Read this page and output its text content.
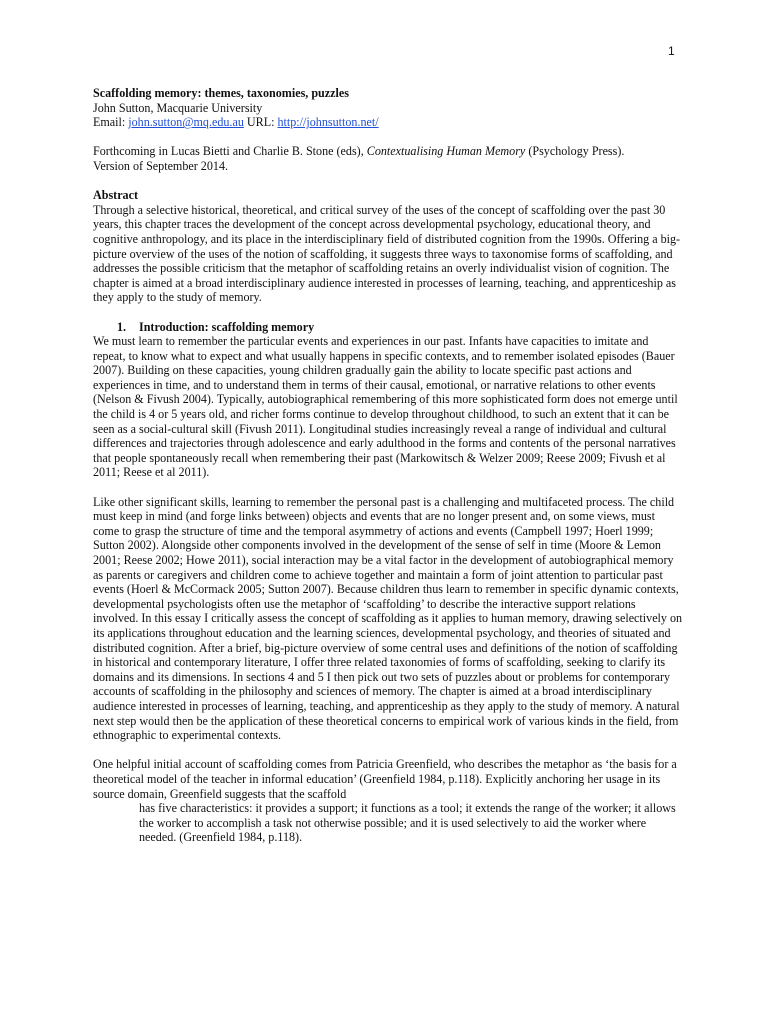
1

Scaffolding memory: themes, taxonomies, puzzles

John Sutton, Macquarie University

Email: john.sutton@mq.edu.au URL: http://johnsutton.net/

Forthcoming in Lucas Bietti and Charlie B. Stone (eds), Contextualising Human Memory (Psychology Press).

Version of September 2014.

Abstract

Through a selective historical, theoretical, and critical survey of the uses of the concept of scaffolding over the past 30 years, this chapter traces the development of the concept across developmental psychology, educational theory, and cognitive anthropology, and its place in the interdisciplinary field of distributed cognition from the 1990s. Offering a big-picture overview of the uses of the notion of scaffolding, it suggests three ways to taxonomise forms of scaffolding, and addresses the possible criticism that the metaphor of scaffolding retains an overly individualist vision of cognition. The chapter is aimed at a broad interdisciplinary audience interested in processes of learning, teaching, and apprenticeship as they apply to the study of memory.

1. Introduction: scaffolding memory

We must learn to remember the particular events and experiences in our past. Infants have capacities to imitate and repeat, to know what to expect and what usually happens in specific contexts, and to remember isolated episodes (Bauer 2007). Building on these capacities, young children gradually gain the ability to locate specific past actions and experiences in time, and to understand them in terms of their causal, emotional, or narrative relations to other events (Nelson & Fivush 2004). Typically, autobiographical remembering of this more sophisticated form does not emerge until the child is 4 or 5 years old, and richer forms continue to develop throughout childhood, to such an extent that it can be seen as a social-cultural skill (Fivush 2011). Longitudinal studies increasingly reveal a range of individual and cultural differences and trajectories through adolescence and early adulthood in the forms and contents of the personal narratives that people spontaneously recall when remembering their past (Markowitsch & Welzer 2009; Reese 2009; Fivush et al 2011; Reese et al 2011).

Like other significant skills, learning to remember the personal past is a challenging and multifaceted process. The child must keep in mind (and forge links between) objects and events that are no longer present and, on some views, must come to grasp the structure of time and the temporal asymmetry of actions and events (Campbell 1997; Hoerl 1999; Sutton 2002). Alongside other components involved in the development of the sense of self in time (Moore & Lemon 2001; Reese 2002; Howe 2011), social interaction may be a vital factor in the development of autobiographical memory as parents or caregivers and children come to achieve together and maintain a form of joint attention to particular past events (Hoerl & McCormack 2005; Sutton 2007). Because children thus learn to remember in specific dynamic contexts, developmental psychologists often use the metaphor of ‘scaffolding’ to describe the interactive support relations involved. In this essay I critically assess the concept of scaffolding as it applies to human memory, drawing selectively on its applications throughout education and the learning sciences, developmental psychology, and theories of situated and distributed cognition. After a brief, big-picture overview of some central uses and definitions of the notion of scaffolding in historical and contemporary literature, I offer three related taxonomies of forms of scaffolding, seeking to clarify its domains and its dimensions. In sections 4 and 5 I then pick out two sets of puzzles about or problems for contemporary accounts of scaffolding in the philosophy and sciences of memory. The chapter is aimed at a broad interdisciplinary audience interested in processes of learning, teaching, and apprenticeship as they apply to the study of memory. A natural next step would then be the application of these theoretical concerns to empirical work of various kinds in the field, from ethnographic to experimental contexts.

One helpful initial account of scaffolding comes from Patricia Greenfield, who describes the metaphor as ‘the basis for a theoretical model of the teacher in informal education’ (Greenfield 1984, p.118). Explicitly anchoring her usage in its source domain, Greenfield suggests that the scaffold

has five characteristics: it provides a support; it functions as a tool; it extends the range of the worker; it allows the worker to accomplish a task not otherwise possible; and it is used selectively to aid the worker where needed. (Greenfield 1984, p.118).
